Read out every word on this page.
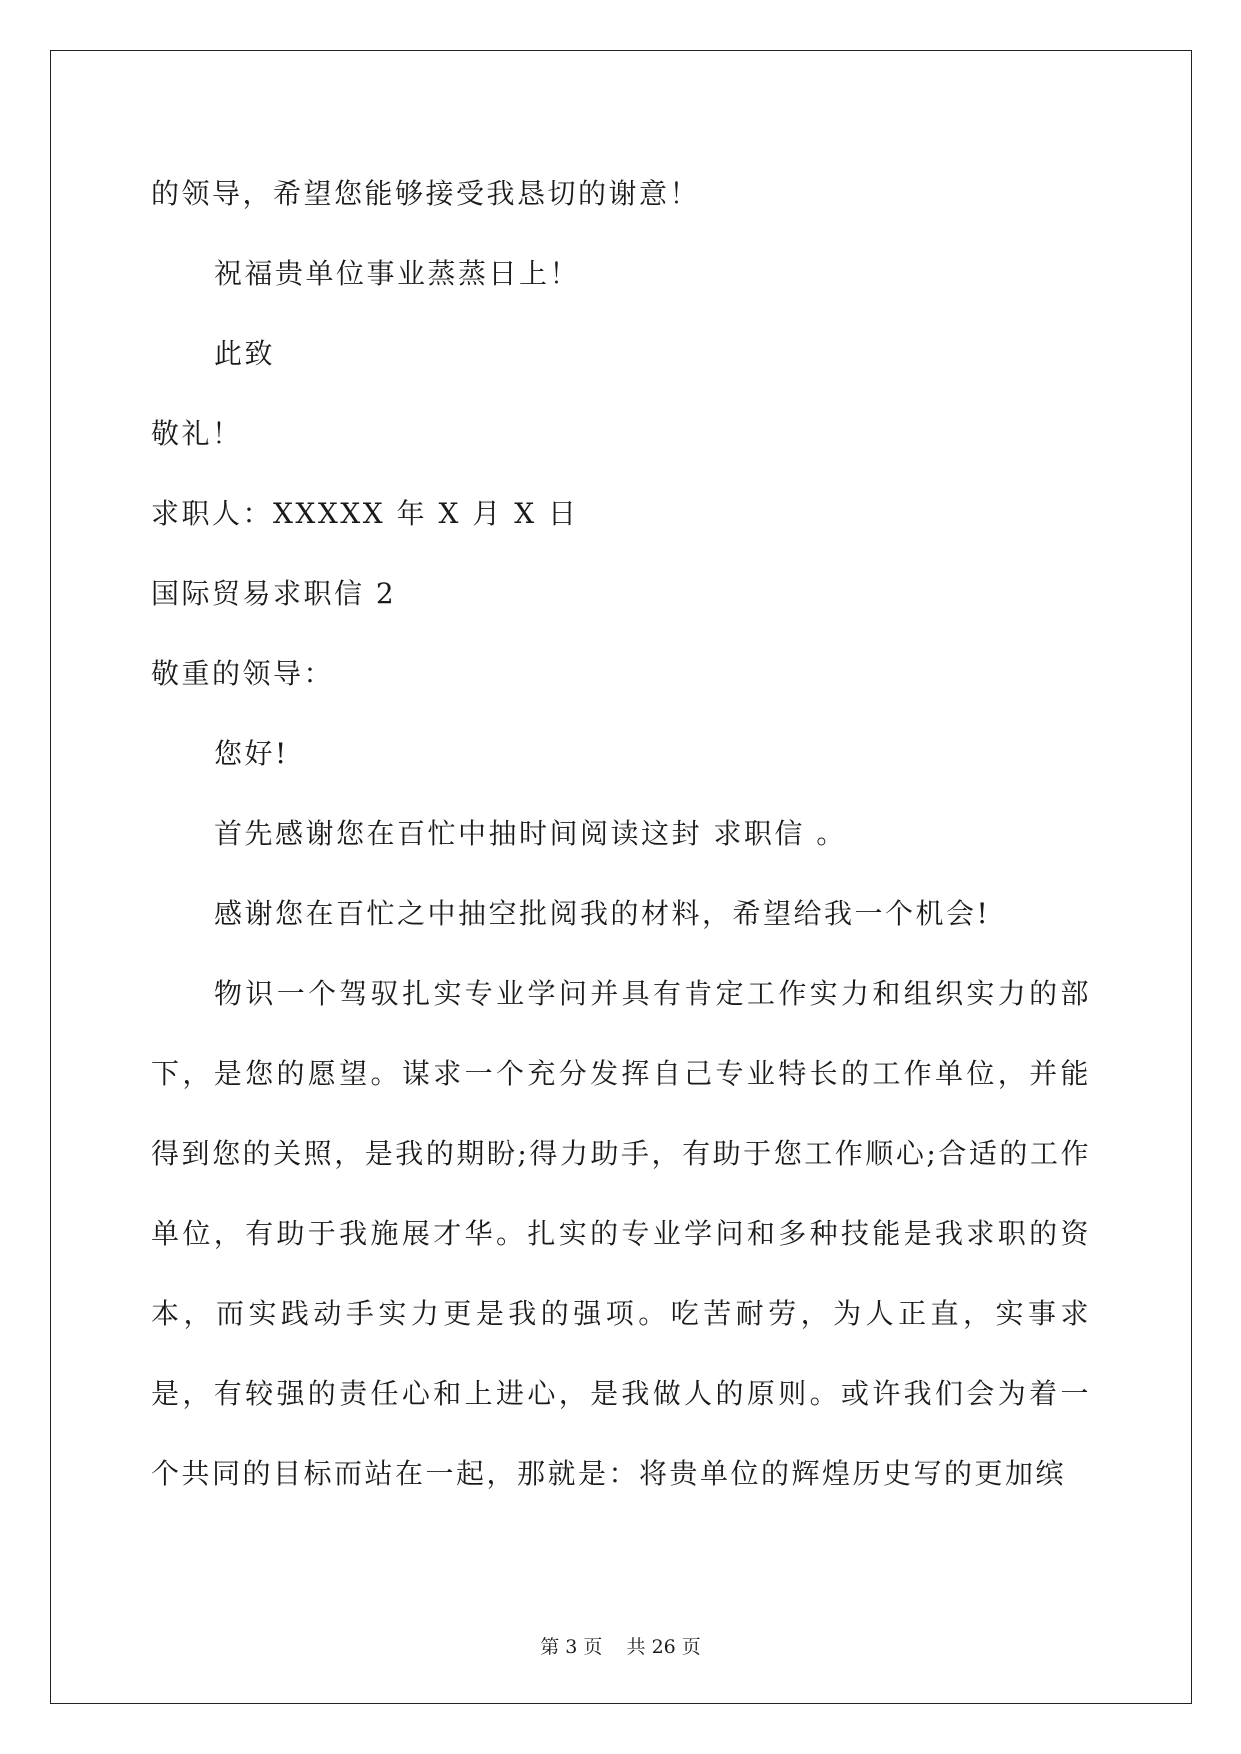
的领导，希望您能够接受我恳切的谢意！

祝福贵单位事业蒸蒸日上！

此致

敬礼！

求职人：XXXXX 年 X 月 X 日

国际贸易求职信 2

敬重的领导：

您好!

首先感谢您在百忙中抽时间阅读这封 求职信 。

感谢您在百忙之中抽空批阅我的材料，希望给我一个机会!

物识一个驾驭扎实专业学问并具有肯定工作实力和组织实力的部下，是您的愿望。谋求一个充分发挥自己专业特长的工作单位，并能得到您的关照，是我的期盼;得力助手，有助于您工作顺心;合适的工作单位，有助于我施展才华。扎实的专业学问和多种技能是我求职的资本，而实践动手实力更是我的强项。吃苦耐劳，为人正直，实事求是，有较强的责任心和上进心，是我做人的原则。或许我们会为着一个共同的目标而站在一起，那就是：将贵单位的辉煌历史写的更加缤

第 3 页 共 26 页
